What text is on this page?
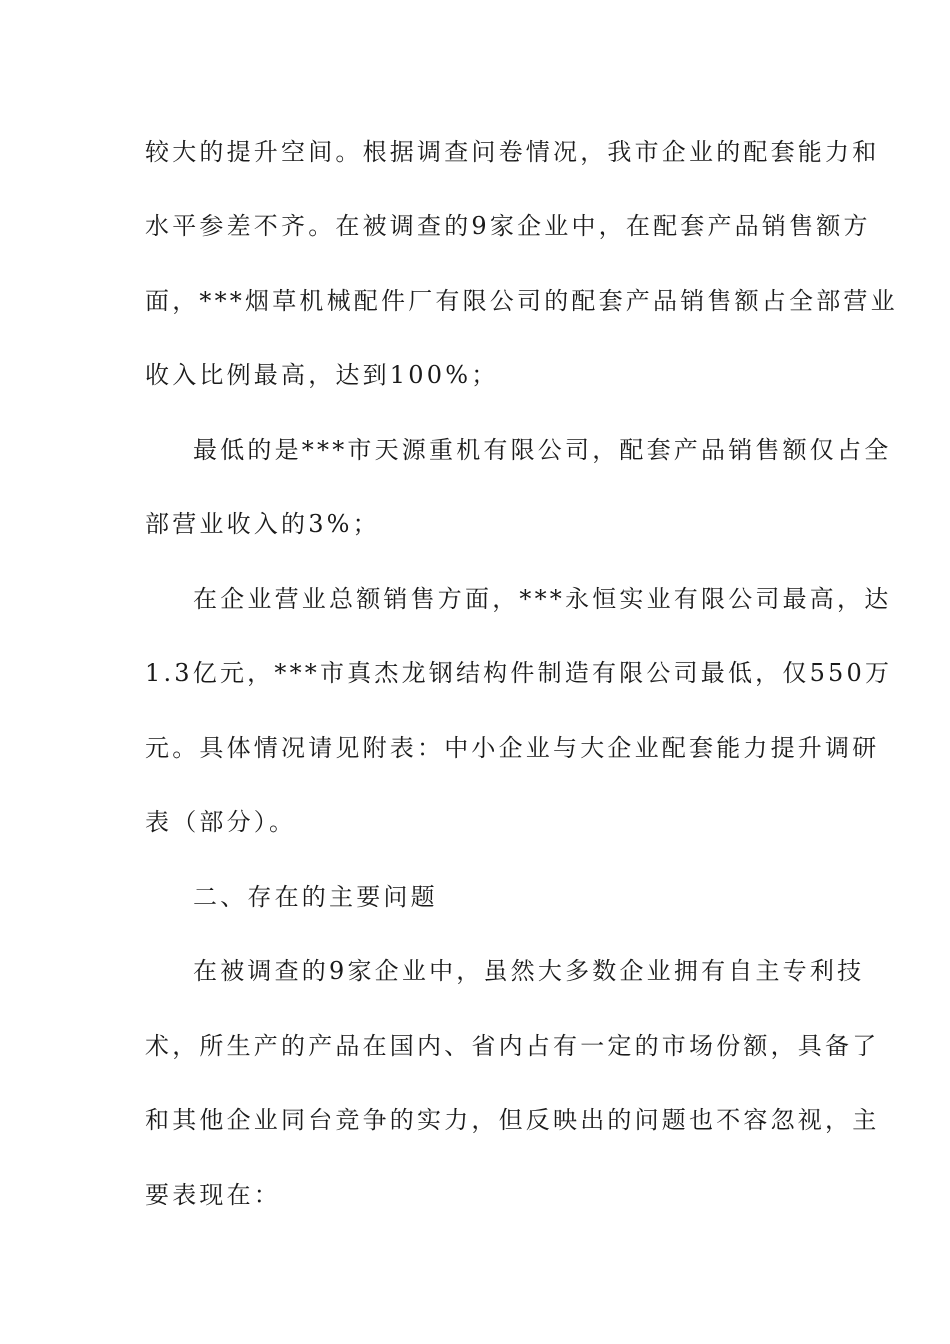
较大的提升空间。根据调查问卷情况，我市企业的配套能力和
水平参差不齐。在被调查的9家企业中，在配套产品销售额方
面，***烟草机械配件厂有限公司的配套产品销售额占全部营业
收入比例最高，达到100%；
最低的是***市天源重机有限公司，配套产品销售额仅占全
部营业收入的3%；
在企业营业总额销售方面，***永恒实业有限公司最高，达
1.3亿元，***市真杰龙钢结构件制造有限公司最低，仅550万
元。具体情况请见附表：中小企业与大企业配套能力提升调研
表（部分）。
二、存在的主要问题
在被调查的9家企业中，虽然大多数企业拥有自主专利技
术，所生产的产品在国内、省内占有一定的市场份额，具备了
和其他企业同台竞争的实力，但反映出的问题也不容忽视，主
要表现在：
